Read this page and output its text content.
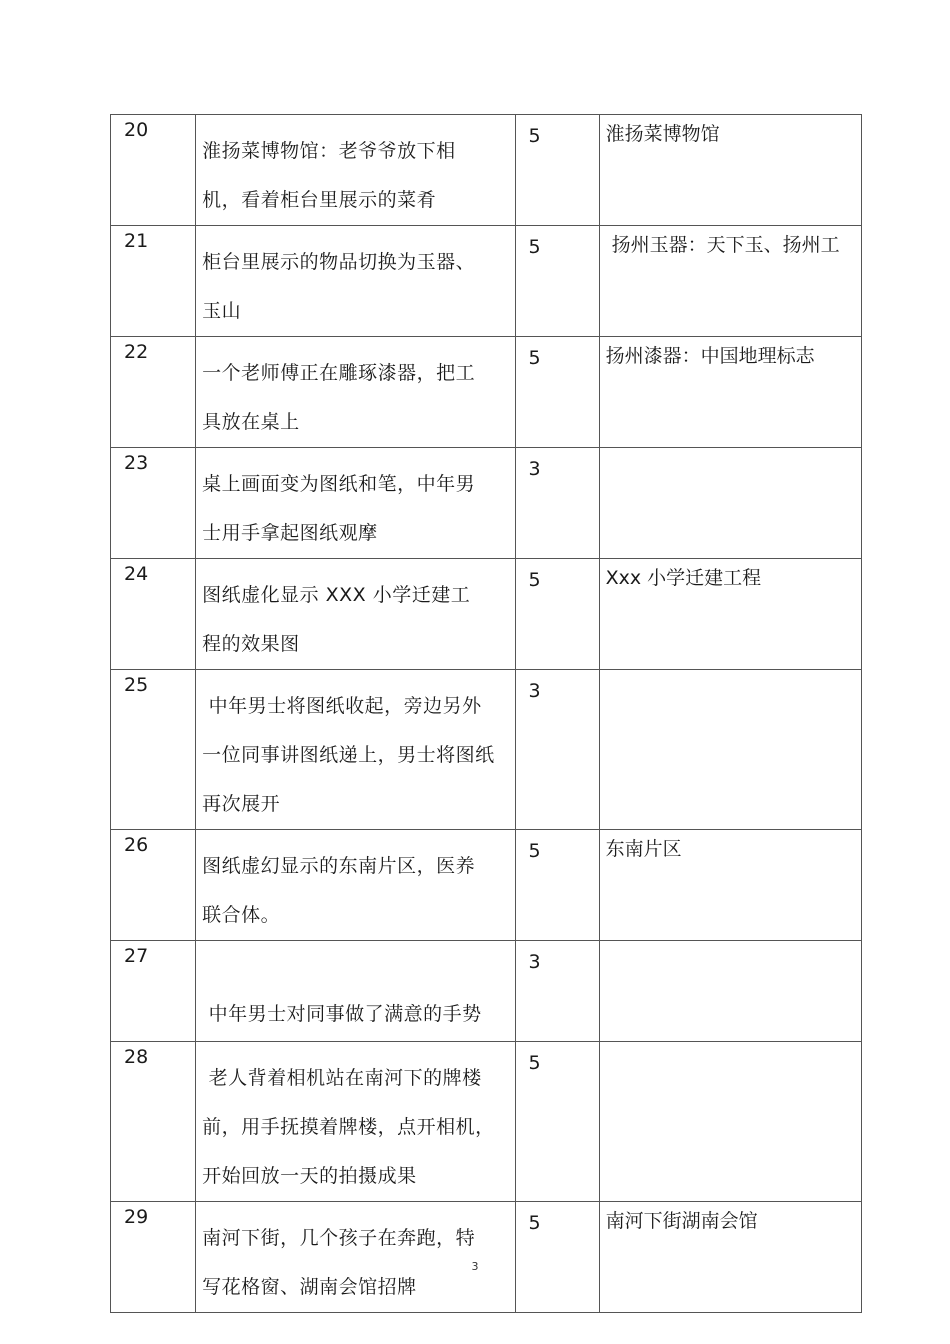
20	淮扬菜博物馆：老爷爷放下相
机，看着柜台里展示的菜肴	5	淮扬菜博物馆
21	柜台里展示的物品切换为玉器、
玉山	5	扬州玉器：天下玉、扬州工
22	一个老师傅正在雕琢漆器，把工
具放在桌上	5	扬州漆器：中国地理标志
23	桌上画面变为图纸和笔，中年男
士用手拿起图纸观摩	3	
24	图纸虚化显示 XXX 小学迁建工
程的效果图	5	Xxx 小学迁建工程
25	中年男士将图纸收起，旁边另外
一位同事讲图纸递上，男士将图纸
再次展开	3	
26	图纸虚幻显示的东南片区，医养
联合体。	5	东南片区
27	
中年男士对同事做了满意的手势	3	
28	老人背着相机站在南河下的牌楼
前，用手抚摸着牌楼，点开相机，
开始回放一天的拍摄成果	5	
29	南河下街，几个孩子在奔跑，特
写花格窗、湖南会馆招牌	5	南河下街湖南会馆
3
